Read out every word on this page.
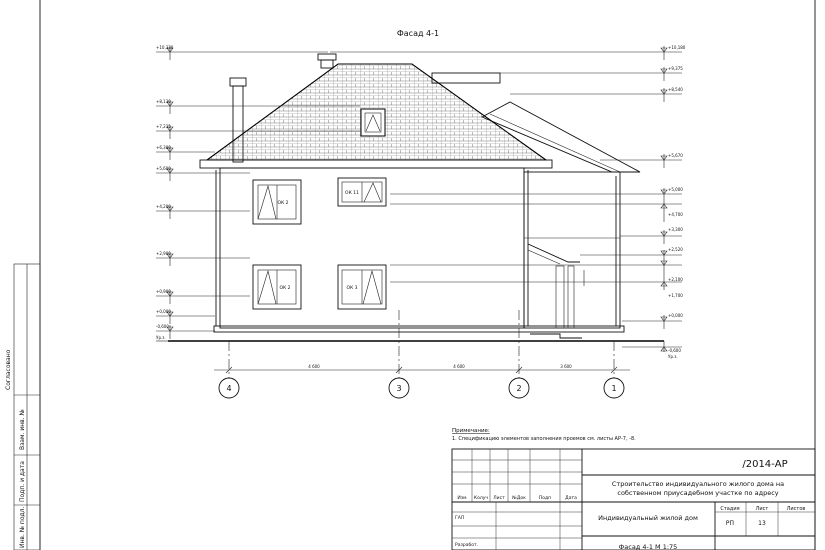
Согласовано
Взам. инв. №
Подп. и дата
Инв. № подл.
Фасад 4-1
ОК 2
ОК 11
ОК 2	ОК 3
+10,330
+8,130
+7,235
+6,380
+5,600
+4,200
+2,900
+0,900
+0,000
-0,600
Ур.з.
+10,180
+9,375
+8,540
+5,670
+5,000
+4,700
+3,300
+2,520
+2,100
+1,700
+0,000
-0,600
Ур.з.
4 600	4 600	3 600
4	3	2	1
Примечание:
1. Спецификацию элементов заполнения проемов см. листы АР-7, -8.
/2014-АР
Строительство индивидуального жилого дома на
собственном приусадебном участке по адресу
Изм Колуч Лист №Док	Подп	Дата
ГАП
Разработ.
Индивидуальный жилой дом
Стадия	Лист	Листов
РП	13
Фасад 4-1 М 1:75
